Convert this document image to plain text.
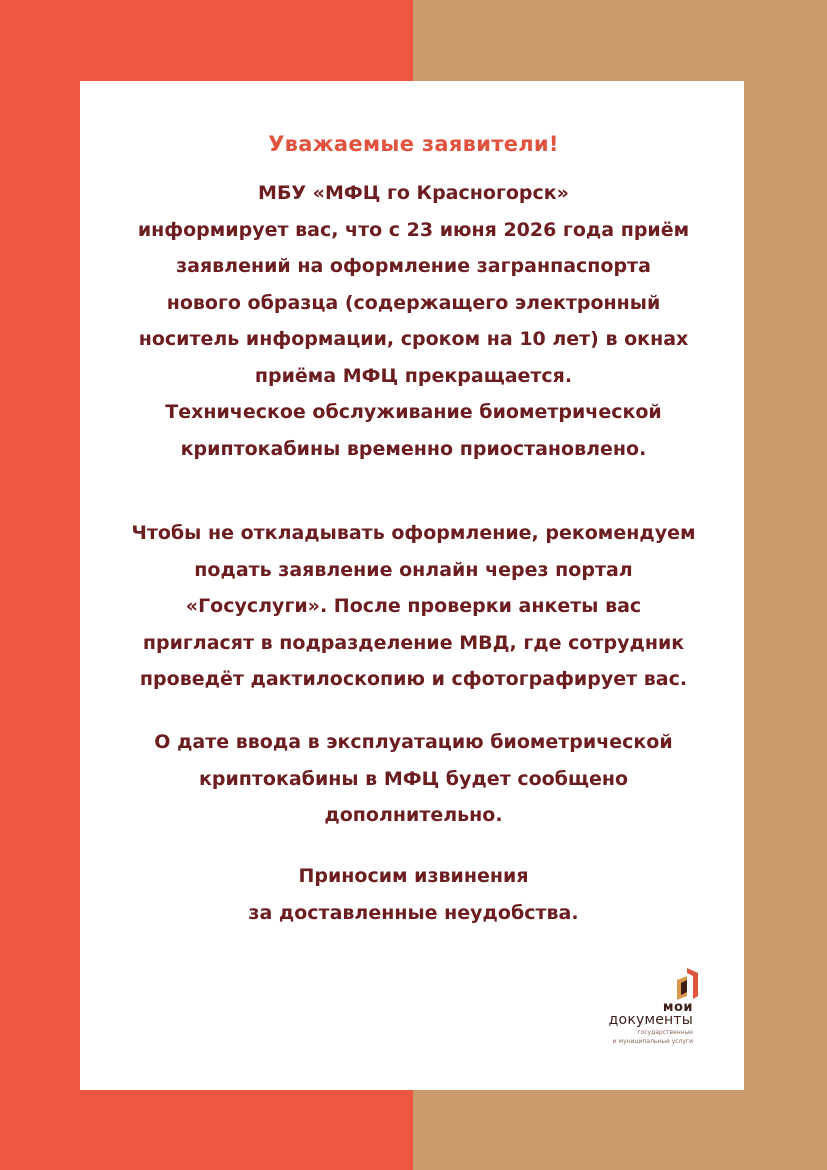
Уважаемые заявители!

МБУ «МФЦ го Красногорск»
информирует вас, что с 23 июня 2026 года приём
заявлений на оформление загранпаспорта
нового образца (содержащего электронный
носитель информации, сроком на 10 лет) в окнах
приёма МФЦ прекращается.
Техническое обслуживание биометрической
криптокабины временно приостановлено.

Чтобы не откладывать оформление, рекомендуем
подать заявление онлайн через портал
«Госуслуги». После проверки анкеты вас
пригласят в подразделение МВД, где сотрудник
проведёт дактилоскопию и сфотографирует вас.

О дате ввода в эксплуатацию биометрической
криптокабины в МФЦ будет сообщено
дополнительно.

Приносим извинения
за доставленные неудобства.

мои
документы
государственные
и муниципальные услуги
